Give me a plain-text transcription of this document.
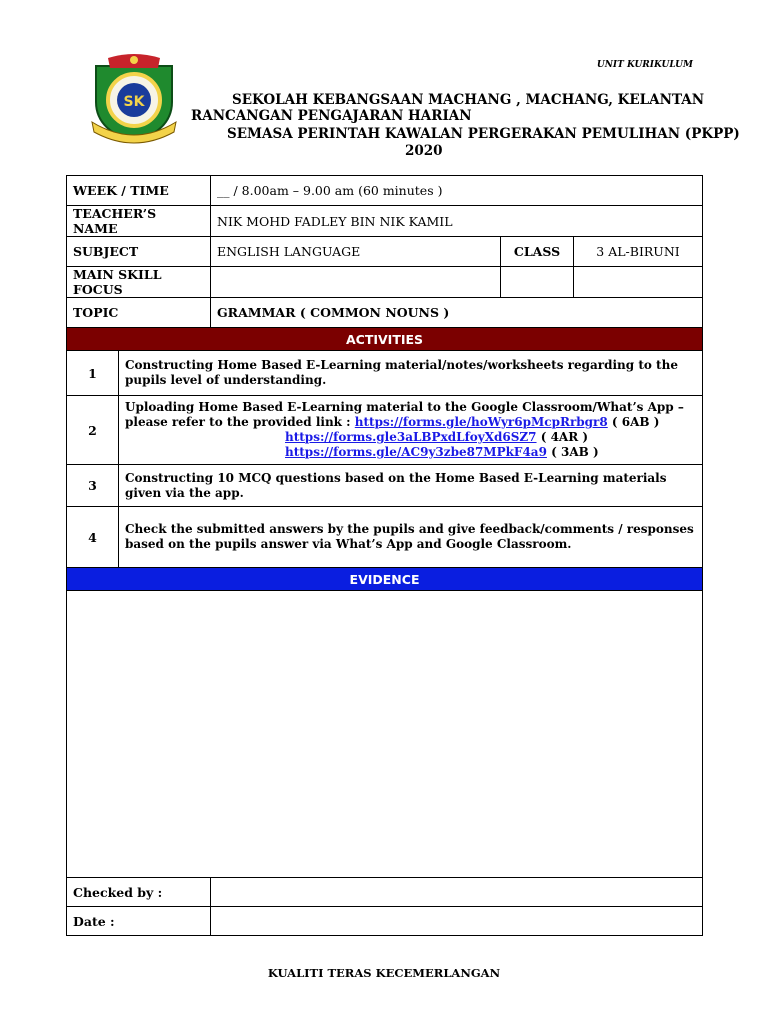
UNIT KURIKULUM
SK	SEKOLAH KEBANGSAAN MACHANG , MACHANG, KELANTAN
RANCANGAN PENGAJARAN HARIAN
SEMASA PERINTAH KAWALAN PERGERAKAN PEMULIHAN (PKPP)
2020
WEEK / TIME		__ / 8.00am – 9.00 am (60 minutes )		
TEACHER’S NAME		NIK MOHD FADLEY BIN NIK KAMIL		
SUBJECT		ENGLISH LANGUAGE	CLASS	3 AL-BIRUNI
MAIN SKILL FOCUS				
TOPIC		GRAMMAR ( COMMON NOUNS )		
ACTIVITIES				
1	Constructing Home Based E-Learning material/notes/worksheets regarding to the pupils level of understanding.			
2	Uploading Home Based E-Learning material to the Google Classroom/What’s App – please refer to the provided link : https://forms.gle/hoWyr6pMcpRrbgr8 ( 6AB )
https://forms.gle3aLBPxdLfoyXd6SZ7 ( 4AR )
https://forms.gle/AC9y3zbe87MPkF4a9 ( 3AB )			
3	Constructing 10 MCQ questions based on the Home Based E-Learning materials given via the app.			
4	Check the submitted answers by the pupils and give feedback/comments / responses based on the pupils answer via What’s App and Google Classroom.			
EVIDENCE				

Checked by :				
Date :				
KUALITI TERAS KECEMERLANGAN
